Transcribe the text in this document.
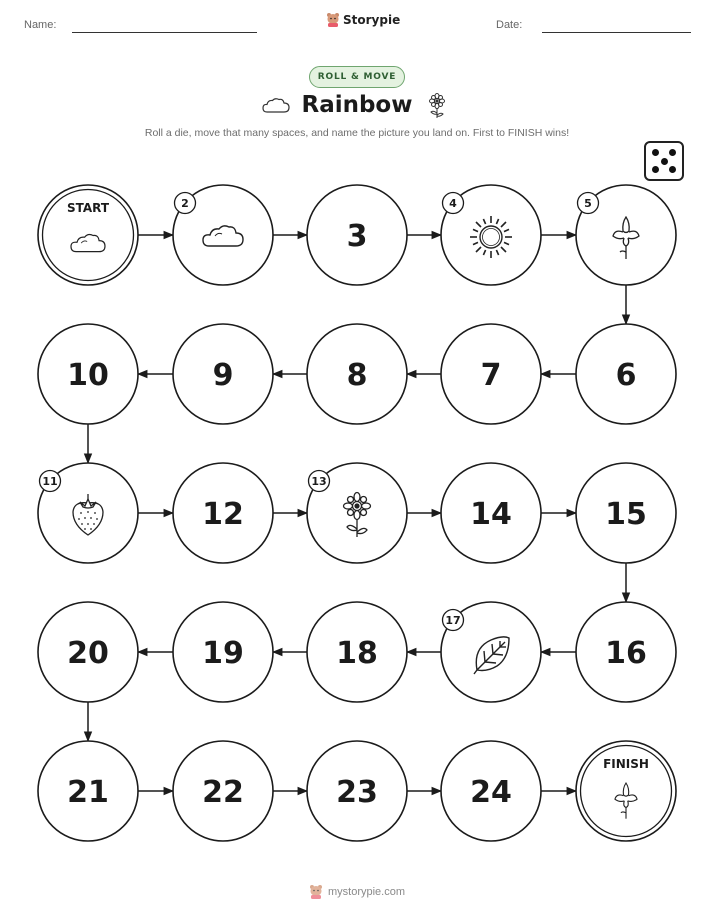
Name:	Storypie	Date:
ROLL & MOVE
Rainbow
Roll a die, move that many spaces, and name the picture you land on. First to FINISH wins!
START	2
3
4	5
6
7
8
9
10
11
12
13
14	15
16
17
18
19
20
21	22	23	24
FINISH
mystorypie.com
